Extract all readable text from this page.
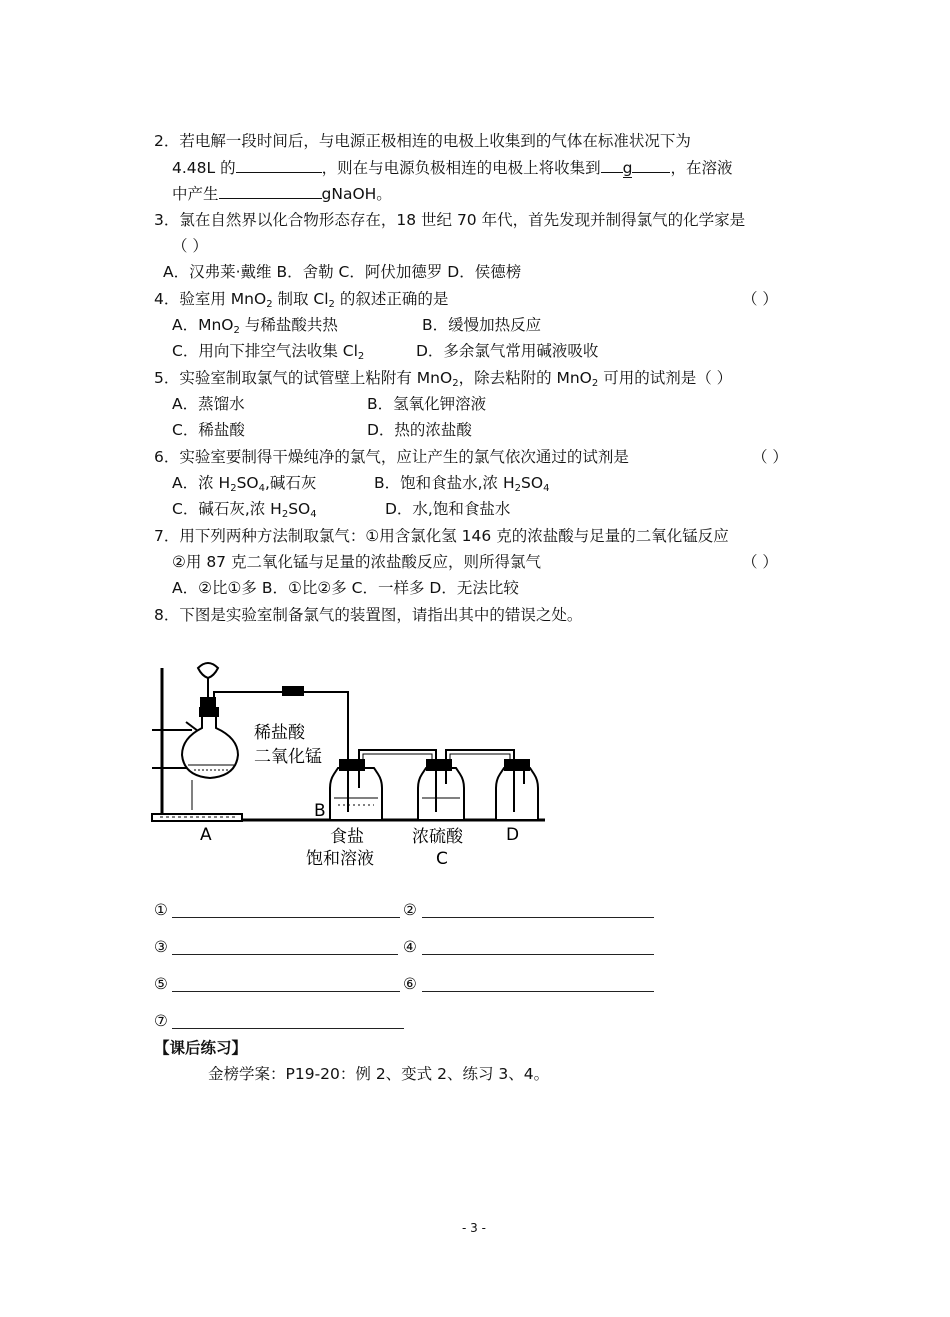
2．若电解一段时间后，与电源正极相连的电极上收集到的气体在标准状况下为
4.48L 的	，则在与电源负极相连的电极上将收集到 g ，在溶液
中产生	gNaOH。
3．氯在自然界以化合物形态存在，18 世纪 70 年代，首先发现并制得氯气的化学家是
（ ）
A．汉弗莱·戴维 B．舍勒 C．阿伏加德罗 D．侯德榜
4．验室用 MnO$_2$ 制取 $Cl_2$ 的叙述正确的是	（ ）
A．MnO$_2$ 与稀盐酸共热	B．缓慢加热反应
C．用向下排空气法收集 $Cl_2$	D．多余氯气常用碱液吸收
5．实验室制取氯气的试管壁上粘附有 MnO$_2$，除去粘附的 MnO$_2$ 可用的试剂是（ ）
A．蒸馏水	B．氢氧化钾溶液
C．稀盐酸	D．热的浓盐酸
6．实验室要制得干燥纯净的氯气，应让产生的氯气依次通过的试剂是	（ ）
A．浓 $H_2SO_4$,碱石灰	B．饱和食盐水,浓 $H_2SO_4$
C．碱石灰,浓 $H_2SO_4$	D．水,饱和食盐水
7．用下列两种方法制取氯气：①用含氯化氢 146 克的浓盐酸与足量的二氧化锰反应
②用 87 克二氧化锰与足量的浓盐酸反应，则所得氯气	（ ）
A．②比①多 B．①比②多 C．一样多 D．无法比较
8．下图是实验室制备氯气的装置图，请指出其中的错误之处。
稀盐酸
二氧化锰
A
B
食盐
饱和溶液
浓硫酸
C
D
①	②
③	④
⑤	⑥
⑦
【课后练习】
金榜学案：P19-20：例 2、变式 2、练习 3、4。
- 3 -
